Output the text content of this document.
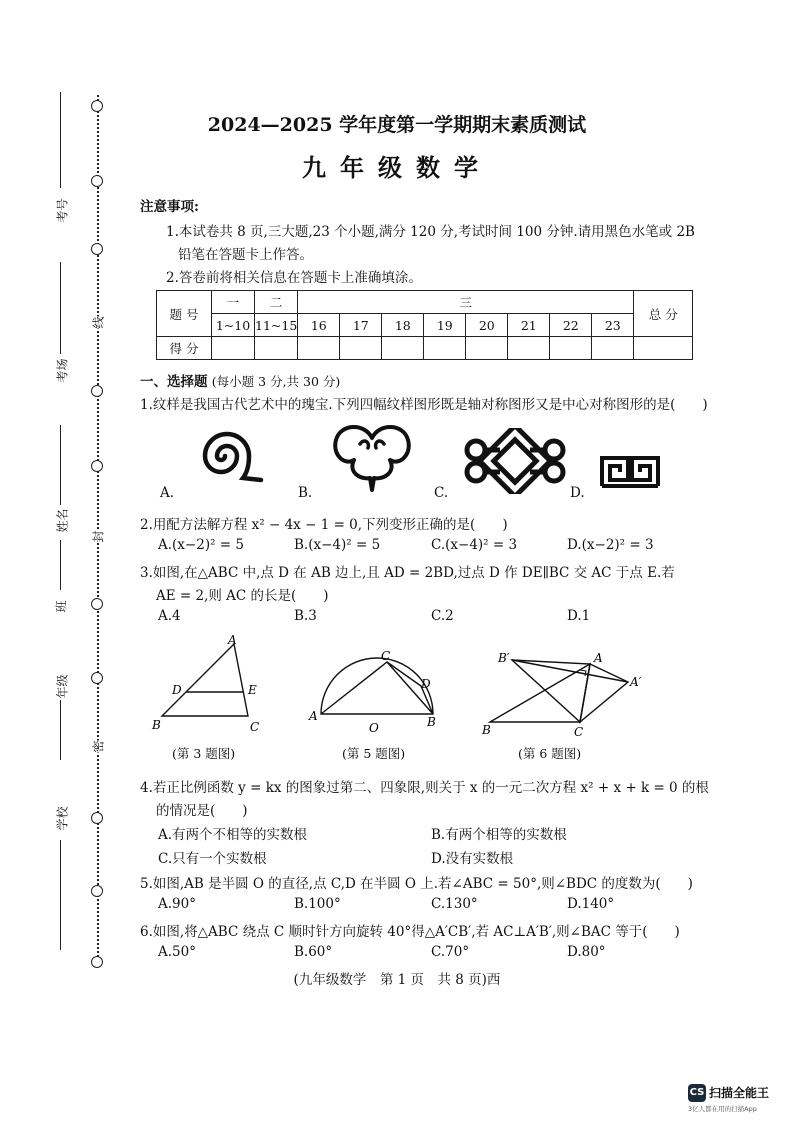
考号
考场
姓名
班
年级
学校
线
封
密
2024—2025 学年度第一学期期末素质测试
九年级数学
注意事项:
1.本试卷共 8 页,三大题,23 个小题,满分 120 分,考试时间 100 分钟.请用黑色水笔或 2B
铅笔在答题卡上作答。
2.答卷前将相关信息在答题卡上准确填涂。
题 号	一	二	三								总 分
	1~10	11~15	16	17	18	19	20	21	22	23	
得 分											
一、选择题 (每小题 3 分,共 30 分)
1.纹样是我国古代艺术中的瑰宝.下列四幅纹样图形既是轴对称图形又是中心对称图形的是(　　)
A.	B.	C.	D.
2.用配方法解方程 x² − 4x − 1 = 0,下列变形正确的是(　　)
A.(x−2)² = 5	B.(x−4)² = 5	C.(x−4)² = 3	D.(x−2)² = 3
3.如图,在△ABC 中,点 D 在 AB 边上,且 AD = 2BD,过点 D 作 DE∥BC 交 AC 于点 E.若
AE = 2,则 AC 的长是(　　)
A.4	B.3	C.2	D.1
A
D	E
B	C
(第 3 题图)
C
D
A
O	B
(第 5 题图)
B′	A
A′
B	C
(第 6 题图)
4.若正比例函数 y = kx 的图象过第二、四象限,则关于 x 的一元二次方程 x² + x + k = 0 的根
的情况是(　　)
A.有两个不相等的实数根	B.有两个相等的实数根
C.只有一个实数根	D.没有实数根
5.如图,AB 是半圆 O 的直径,点 C,D 在半圆 O 上.若∠ABC = 50°,则∠BDC 的度数为(　　)
A.90°	B.100°	C.130°	D.140°
6.如图,将△ABC 绕点 C 顺时针方向旋转 40°得△A′CB′,若 AC⊥A′B′,则∠BAC 等于(　　)
A.50°	B.60°	C.70°	D.80°
(九年级数学　第 1 页　共 8 页)西
CS 扫描全能王
3亿人都在用的扫描App
